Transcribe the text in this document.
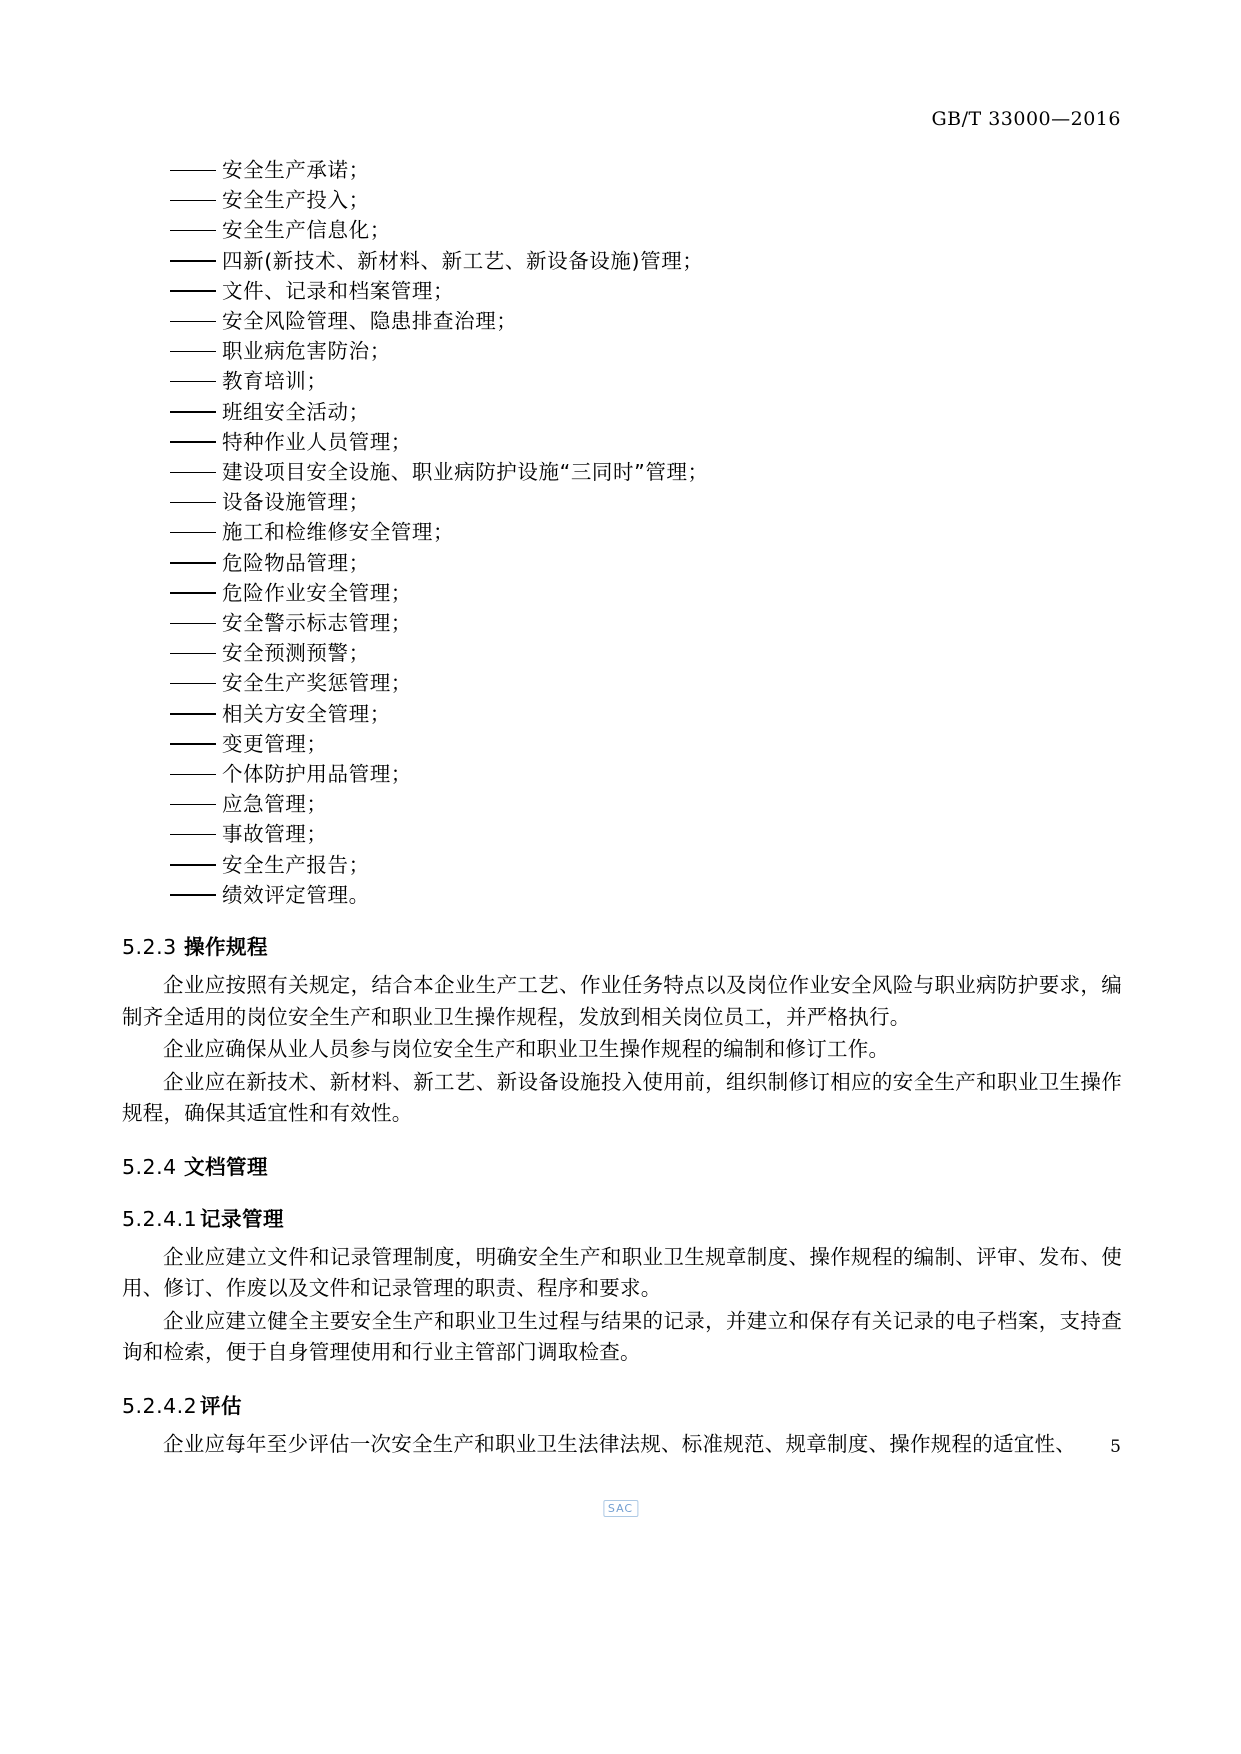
GB/T 33000—2016
安全生产承诺；
安全生产投入；
安全生产信息化；
四新(新技术、新材料、新工艺、新设备设施)管理；
文件、记录和档案管理；
安全风险管理、隐患排查治理；
职业病危害防治；
教育培训；
班组安全活动；
特种作业人员管理；
建设项目安全设施、职业病防护设施“三同时”管理；
设备设施管理；
施工和检维修安全管理；
危险物品管理；
危险作业安全管理；
安全警示标志管理；
安全预测预警；
安全生产奖惩管理；
相关方安全管理；
变更管理；
个体防护用品管理；
应急管理；
事故管理；
安全生产报告；
绩效评定管理。
5.2.3 操作规程

企业应按照有关规定，结合本企业生产工艺、作业任务特点以及岗位作业安全风险与职业病防护要求，编制齐全适用的岗位安全生产和职业卫生操作规程，发放到相关岗位员工，并严格执行。

企业应确保从业人员参与岗位安全生产和职业卫生操作规程的编制和修订工作。

企业应在新技术、新材料、新工艺、新设备设施投入使用前，组织制修订相应的安全生产和职业卫生操作规程，确保其适宜性和有效性。

5.2.4 文档管理
5.2.4.1 记录管理

企业应建立文件和记录管理制度，明确安全生产和职业卫生规章制度、操作规程的编制、评审、发布、使用、修订、作废以及文件和记录管理的职责、程序和要求。

企业应建立健全主要安全生产和职业卫生过程与结果的记录，并建立和保存有关记录的电子档案，支持查询和检索，便于自身管理使用和行业主管部门调取检查。

5.2.4.2 评估

企业应每年至少评估一次安全生产和职业卫生法律法规、标准规范、规章制度、操作规程的适宜性、	5
SAC
